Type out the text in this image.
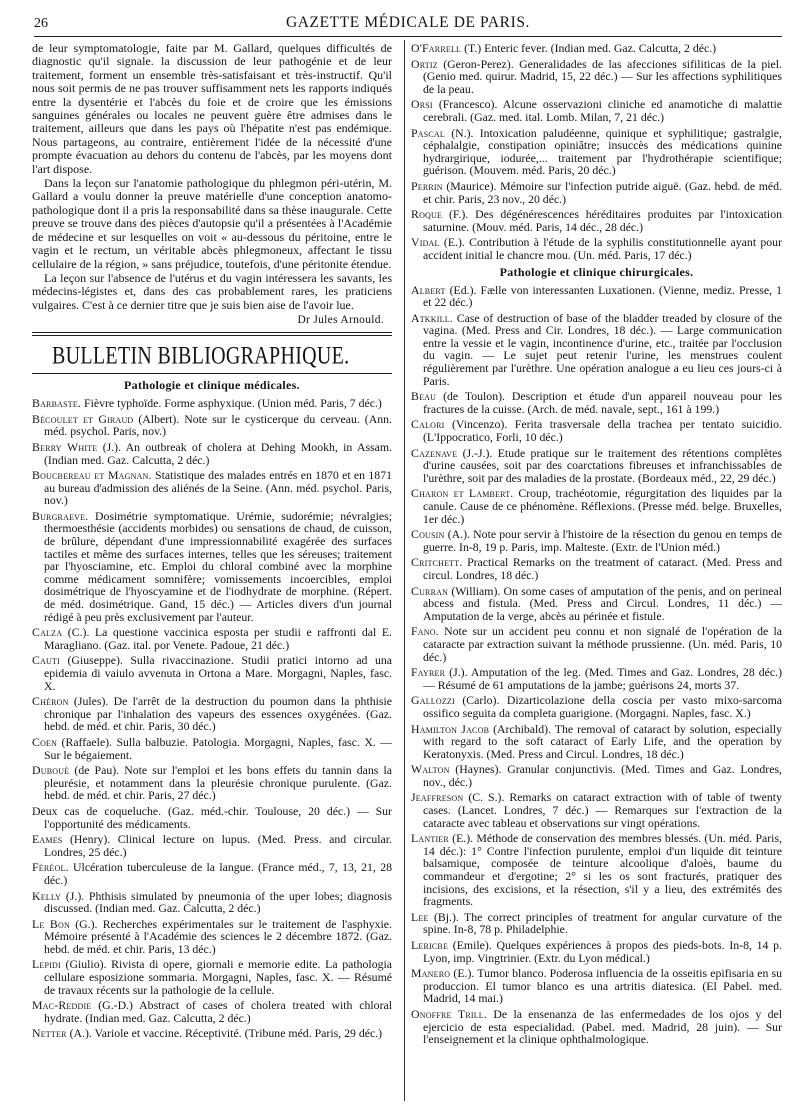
26	GAZETTE MÉDICALE DE PARIS.

de leur symptomatologie, faite par M. Gallard, quelques difficultés de diagnostic qu'il signale. la discussion de leur pathogénie et de leur traitement, forment un ensemble très-satisfaisant et très-instructif. Qu'il nous soit permis de ne pas trouver suffisamment nets les rapports indiqués entre la dysentérie et l'abcès du foie et de croire que les émissions sanguines générales ou locales ne peuvent guère être admises dans le traitement, ailleurs que dans les pays où l'hépatite n'est pas endémique. Nous partageons, au contraire, entièrement l'idée de la nécessité d'une prompte évacuation au dehors du contenu de l'abcès, par les moyens dont l'art dispose.

Dans la leçon sur l'anatomie pathologique du phlegmon péri-utérin, M. Gallard a voulu donner la preuve matérielle d'une conception anatomo-pathologique dont il a pris la responsabilité dans sa thèse inaugurale. Cette preuve se trouve dans des pièces d'autopsie qu'il a présentées à l'Académie de médecine et sur lesquelles on voit « au-dessous du péritoine, entre le vagin et le rectum, un véritable abcès phlegmoneux, affectant le tissu cellulaire de la région, » sans préjudice, toutefois, d'une péritonite étendue.

La leçon sur l'absence de l'utérus et du vagin intéressera les savants, les médecins-légistes et, dans des cas probablement rares, les praticiens vulgaires. C'est à ce dernier titre que je suis bien aise de l'avoir lue.

Dr Jules Arnould.
BULLETIN BIBLIOGRAPHIQUE.
Pathologie et clinique médicales.

Barbaste. Fièvre typhoïde. Forme asphyxique. (Union méd. Paris, 7 déc.)

Bécoulet et Giraud (Albert). Note sur le cysticerque du cerveau. (Ann. méd. psychol. Paris, nov.)

Berry White (J.). An outbreak of cholera at Dehing Mookh, in Assam. (Indian med. Gaz. Calcutta, 2 déc.)

Boucbereau et Magnan. Statistique des malades entrés en 1870 et en 1871 au bureau d'admission des aliénés de la Seine. (Ann. méd. psychol. Paris, nov.)

Burgraeve. Dosimétrie symptomatique. Urémie, sudorémie; névralgies; thermoesthésie (accidents morbides) ou sensations de chaud, de cuisson, de brûlure, dépendant d'une impressionnabilité exagérée des surfaces tactiles et même des surfaces internes, telles que les séreuses; traitement par l'hyosciamine, etc. Emploi du chloral combiné avec la morphine comme médicament somnifère; vomissements incoercibles, emploi dosimétrique de l'hyoscyamine et de l'iodhydrate de morphine. (Répert. de méd. dosimétrique. Gand, 15 déc.) — Articles divers d'un journal rédigé à peu près exclusivement par l'auteur.

Calza (C.). La questione vaccinica esposta per studii e raffronti dal E. Maragliano. (Gaz. ital. por Venete. Padoue, 21 déc.)

Cauti (Giuseppe). Sulla rivaccinazione. Studii pratici intorno ad una epidemia di vaiulo avvenuta in Ortona a Mare. Morgagni, Naples, fasc. X.

Chéron (Jules). De l'arrêt de la destruction du poumon dans la phthisie chronique par l'inhalation des vapeurs des essences oxygénées. (Gaz. hebd. de méd. et chir. Paris, 30 déc.)

Coen (Raffaele). Sulla balbuzie. Patologia. Morgagni, Naples, fasc. X. — Sur le bégaiement.

Duboué (de Pau). Note sur l'emploi et les bons effets du tannin dans la pleurésie, et notamment dans la pleurésie chronique purulente. (Gaz. hebd. de méd. et chir. Paris, 27 déc.)

Deux cas de coqueluche. (Gaz. méd.-chir. Toulouse, 20 déc.) — Sur l'opportunité des médicaments.

Eames (Henry). Clinical lecture on lupus. (Med. Press. and circular. Londres, 25 déc.)

Féréol. Ulcération tuberculeuse de la langue. (France méd., 7, 13, 21, 28 déc.)

Kelly (J.). Phthisis simulated by pneumonia of the uper lobes; diagnosis discussed. (Indian med. Gaz. Calcutta, 2 déc.)

Le Bon (G.). Recherches expérimentales sur le traitement de l'asphyxie. Mémoire présenté à l'Académie des sciences le 2 décembre 1872. (Gaz. hebd. de méd. et chir. Paris, 13 déc.)

Lepidi (Giulio). Rivista di opere, giornali e memorie edite. La pathologia cellulare esposizione sommaria. Morgagni, Naples, fasc. X. — Résumé de travaux récents sur la pathologie de la cellule.

Mac-Reddie (G.-D.) Abstract of cases of cholera treated with chloral hydrate. (Indian med. Gaz. Calcutta, 2 déc.)

Netter (A.). Variole et vaccine. Réceptivité. (Tribune méd. Paris, 29 déc.)

O'Farrell (T.) Enteric fever. (Indian med. Gaz. Calcutta, 2 déc.)

Ortiz (Geron-Perez). Generalidades de las afecciones sifiliticas de la piel. (Genio med. quirur. Madrid, 15, 22 déc.) — Sur les affections syphilitiques de la peau.

Orsi (Francesco). Alcune osservazioni cliniche ed anamotiche di malattie cerebrali. (Gaz. med. ital. Lomb. Milan, 7, 21 déc.)

Pascal (N.). Intoxication paludéenne, quinique et syphilitique; gastralgie, céphalalgie, constipation opiniâtre; insuccès des médications quinine hydrargirique, iodurée,... traitement par l'hydrothérapie scientifique; guérison. (Mouvem. méd. Paris, 20 déc.)

Perrin (Maurice). Mémoire sur l'infection putride aiguë. (Gaz. hebd. de méd. et chir. Paris, 23 nov., 20 déc.)

Roque (F.). Des dégénérescences héréditaires produites par l'intoxication saturnine. (Mouv. méd. Paris, 14 déc., 28 déc.)

Vidal (E.). Contribution à l'étude de la syphilis constitutionnelle ayant pour accident initial le chancre mou. (Un. méd. Paris, 17 déc.)

Pathologie et clinique chirurgicales.

Albert (Ed.). Fælle von interessanten Luxationen. (Vienne, mediz. Presse, 1 et 22 déc.)

Atkkill. Case of destruction of base of the bladder treaded by closure of the vagina. (Med. Press and Cir. Londres, 18 déc.). — Large communication entre la vessie et le vagin, incontinence d'urine, etc., traitée par l'occlusion du vagin. — Le sujet peut retenir l'urine, les menstrues coulent régulièrement par l'urèthre. Une opération analogue a eu lieu ces jours-ci à Paris.

Beau (de Toulon). Description et étude d'un appareil nouveau pour les fractures de la cuisse. (Arch. de méd. navale, sept., 161 à 199.)

Calori (Vincenzo). Ferita trasversale della trachea per tentato suicidio. (L'Ippocratico, Forli, 10 déc.)

Cazenave (J.-J.). Etude pratique sur le traitement des rétentions complètes d'urine causées, soit par des coarctations fibreuses et infranchissables de l'urèthre, soit par des maladies de la prostate. (Bordeaux méd., 22, 29 déc.)

Charon et Lambert. Croup, trachéotomie, régurgitation des liquides par la canule. Cause de ce phénomène. Réflexions. (Presse méd. belge. Bruxelles, 1er déc.)

Cousin (A.). Note pour servir à l'histoire de la résection du genou en temps de guerre. In-8, 19 p. Paris, imp. Malteste. (Extr. de l'Union méd.)

Critchett. Practical Remarks on the treatment of cataract. (Med. Press and circul. Londres, 18 déc.)

Curran (William). On some cases of amputation of the penis, and on perineal abcess and fistula. (Med. Press and Circul. Londres, 11 déc.) — Amputation de la verge, abcès au périnée et fistule.

Fano. Note sur un accident peu connu et non signalé de l'opération de la cataracte par extraction suivant la méthode prussienne. (Un. méd. Paris, 10 déc.)

Fayrer (J.). Amputation of the leg. (Med. Times and Gaz. Londres, 28 déc.) — Résumé de 61 amputations de la jambe; guérisons 24, morts 37.

Gallozzi (Carlo). Dizarticolazione della coscia per vasto mixo-sarcoma ossifico seguita da completa guarigione. (Morgagni. Naples, fasc. X.)

Hamilton Jacob (Archibald). The removal of cataract by solution, especially with regard to the soft cataract of Early Life, and the operation by Keratonyxis. (Med. Press and Circul. Londres, 18 déc.)

Walton (Haynes). Granular conjunctivis. (Med. Times and Gaz. Londres, nov., déc.)

Jeaffreson (C. S.). Remarks on cataract extraction with of table of twenty cases. (Lancet. Londres, 7 déc.) — Remarques sur l'extraction de la cataracte avec tableau et observations sur vingt opérations.

Lantier (E.). Méthode de conservation des membres blessés. (Un. méd. Paris, 14 déc.): 1° Contre l'infection purulente, emploi d'un liquide dit teinture balsamique, composée de teinture alcoolique d'aloès, baume du commandeur et d'ergotine; 2° si les os sont fracturés, pratiquer des incisions, des excisions, et la résection, s'il y a lieu, des extrémités des fragments.

Lee (Bj.). The correct principles of treatment for angular curvature of the spine. In-8, 78 p. Philadelphie.

Lericbe (Emile). Quelques expériences à propos des pieds-bots. In-8, 14 p. Lyon, imp. Vingtrinier. (Extr. du Lyon médical.)

Manero (E.). Tumor blanco. Poderosa influencia de la osseitis epifisaria en su produccion. El tumor blanco es una artritis diatesica. (El Pabel. med. Madrid, 14 mai.)

Onoffre Trill. De la ensenanza de las enfermedades de los ojos y del ejercicio de esta especialidad. (Pabel. med. Madrid, 28 juin). — Sur l'enseignement et la clinique ophthalmologique.
